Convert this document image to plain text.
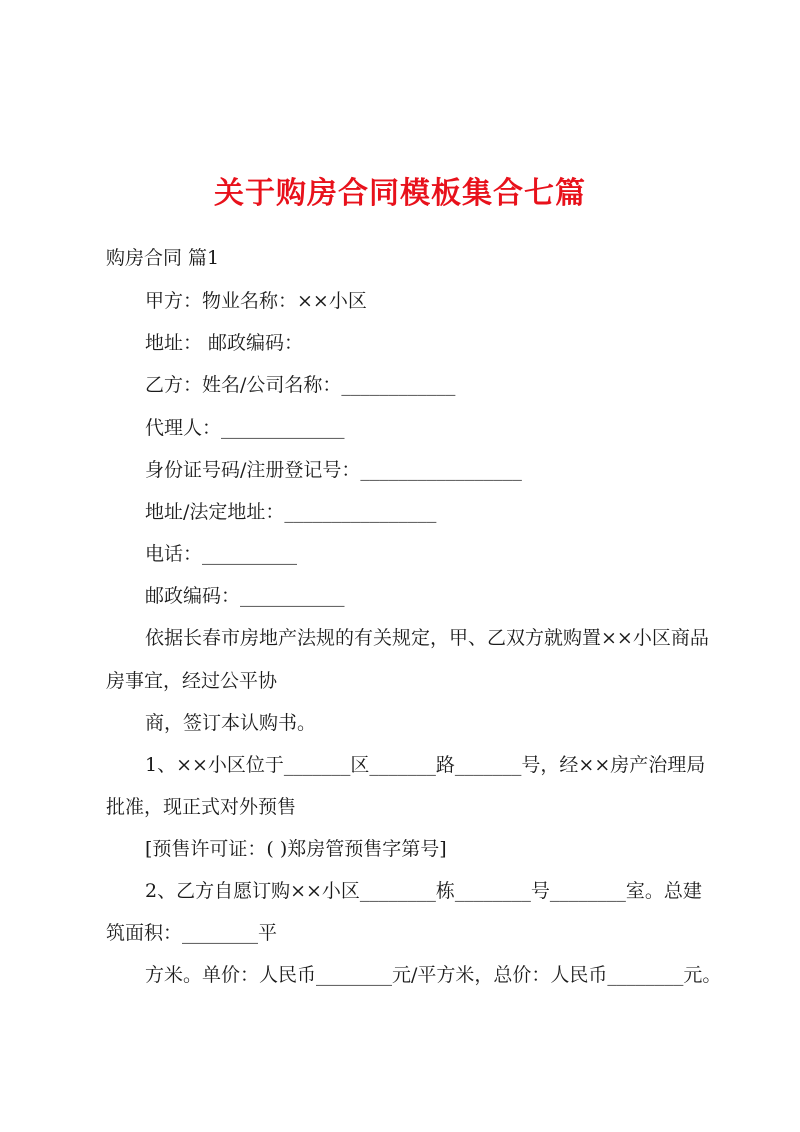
关于购房合同模板集合七篇
购房合同 篇1
甲方：物业名称：××小区
地址： 邮政编码：
乙方：姓名/公司名称：____________
代理人：_____________
身份证号码/注册登记号：_________________
地址/法定地址：________________
电话：__________
邮政编码：___________
依据长春市房地产法规的有关规定，甲、乙双方就购置××小区商品
房事宜，经过公平协
商，签订本认购书。
1、××小区位于_______区_______路_______号，经××房产治理局
批准，现正式对外预售
[预售许可证：( )郑房管预售字第号]
2、乙方自愿订购××小区________栋________号________室。总建
筑面积：________平
方米。单价：人民币________元/平方米，总价：人民币________元。
